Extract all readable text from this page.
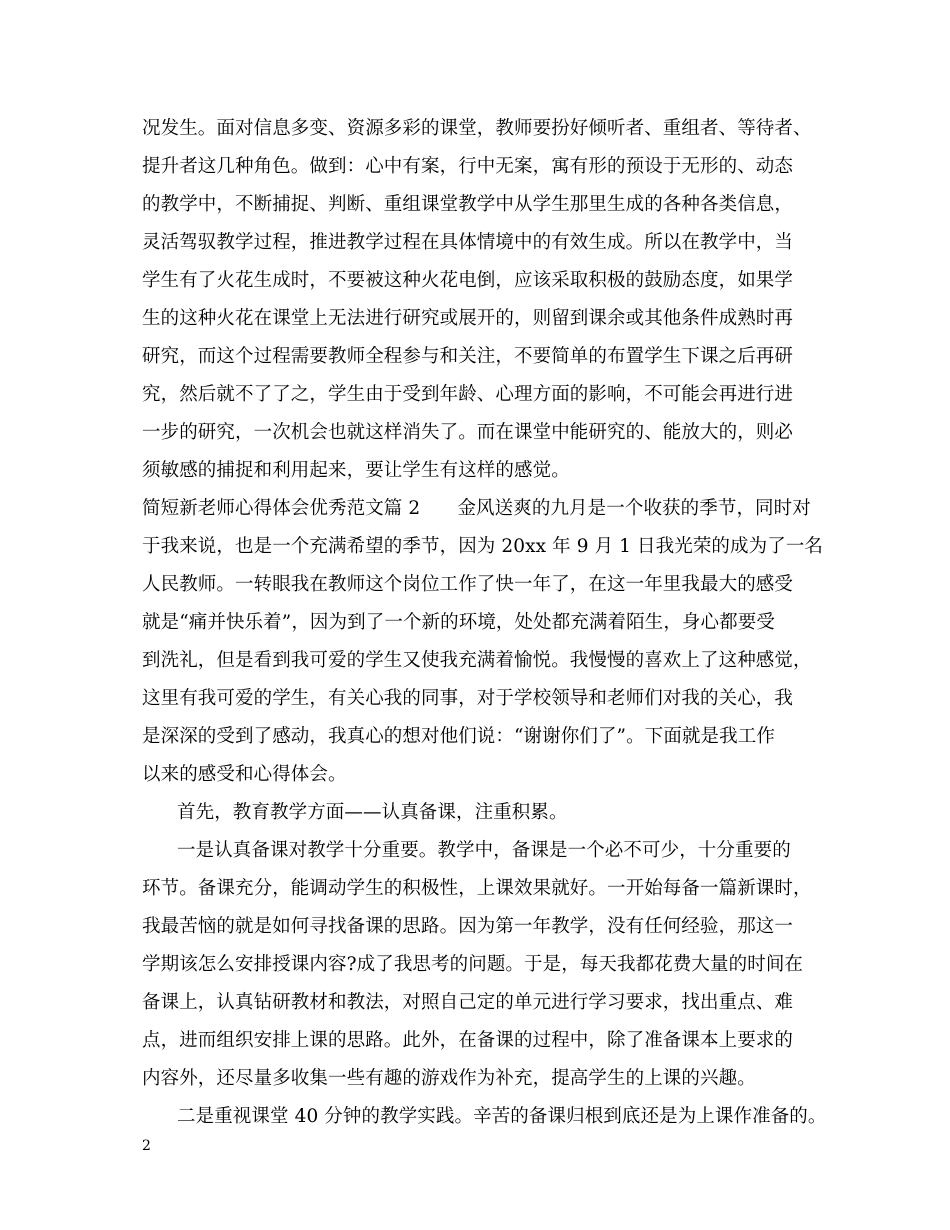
况发生。面对信息多变、资源多彩的课堂，教师要扮好倾听者、重组者、等待者、
提升者这几种角色。做到：心中有案，行中无案，寓有形的预设于无形的、动态
的教学中，不断捕捉、判断、重组课堂教学中从学生那里生成的各种各类信息，
灵活驾驭教学过程，推进教学过程在具体情境中的有效生成。所以在教学中，当
学生有了火花生成时，不要被这种火花电倒，应该采取积极的鼓励态度，如果学
生的这种火花在课堂上无法进行研究或展开的，则留到课余或其他条件成熟时再
研究，而这个过程需要教师全程参与和关注，不要简单的布置学生下课之后再研
究，然后就不了了之，学生由于受到年龄、心理方面的影响，不可能会再进行进
一步的研究，一次机会也就这样消失了。而在课堂中能研究的、能放大的，则必
须敏感的捕捉和利用起来，要让学生有这样的感觉。
简短新老师心得体会优秀范文篇 2　　金风送爽的九月是一个收获的季节，同时对
于我来说，也是一个充满希望的季节，因为 20xx 年 9 月 1 日我光荣的成为了一名
人民教师。一转眼我在教师这个岗位工作了快一年了，在这一年里我最大的感受
就是“痛并快乐着”，因为到了一个新的环境，处处都充满着陌生，身心都要受
到洗礼，但是看到我可爱的学生又使我充满着愉悦。我慢慢的喜欢上了这种感觉，
这里有我可爱的学生，有关心我的同事，对于学校领导和老师们对我的关心，我
是深深的受到了感动，我真心的想对他们说：“谢谢你们了”。下面就是我工作
以来的感受和心得体会。
首先，教育教学方面——认真备课，注重积累。
一是认真备课对教学十分重要。教学中，备课是一个必不可少，十分重要的
环节。备课充分，能调动学生的积极性，上课效果就好。一开始每备一篇新课时，
我最苦恼的就是如何寻找备课的思路。因为第一年教学，没有任何经验，那这一
学期该怎么安排授课内容?成了我思考的问题。于是，每天我都花费大量的时间在
备课上，认真钻研教材和教法，对照自己定的单元进行学习要求，找出重点、难
点，进而组织安排上课的思路。此外，在备课的过程中，除了准备课本上要求的
内容外，还尽量多收集一些有趣的游戏作为补充，提高学生的上课的兴趣。
二是重视课堂 40 分钟的教学实践。辛苦的备课归根到底还是为上课作准备的。
2
